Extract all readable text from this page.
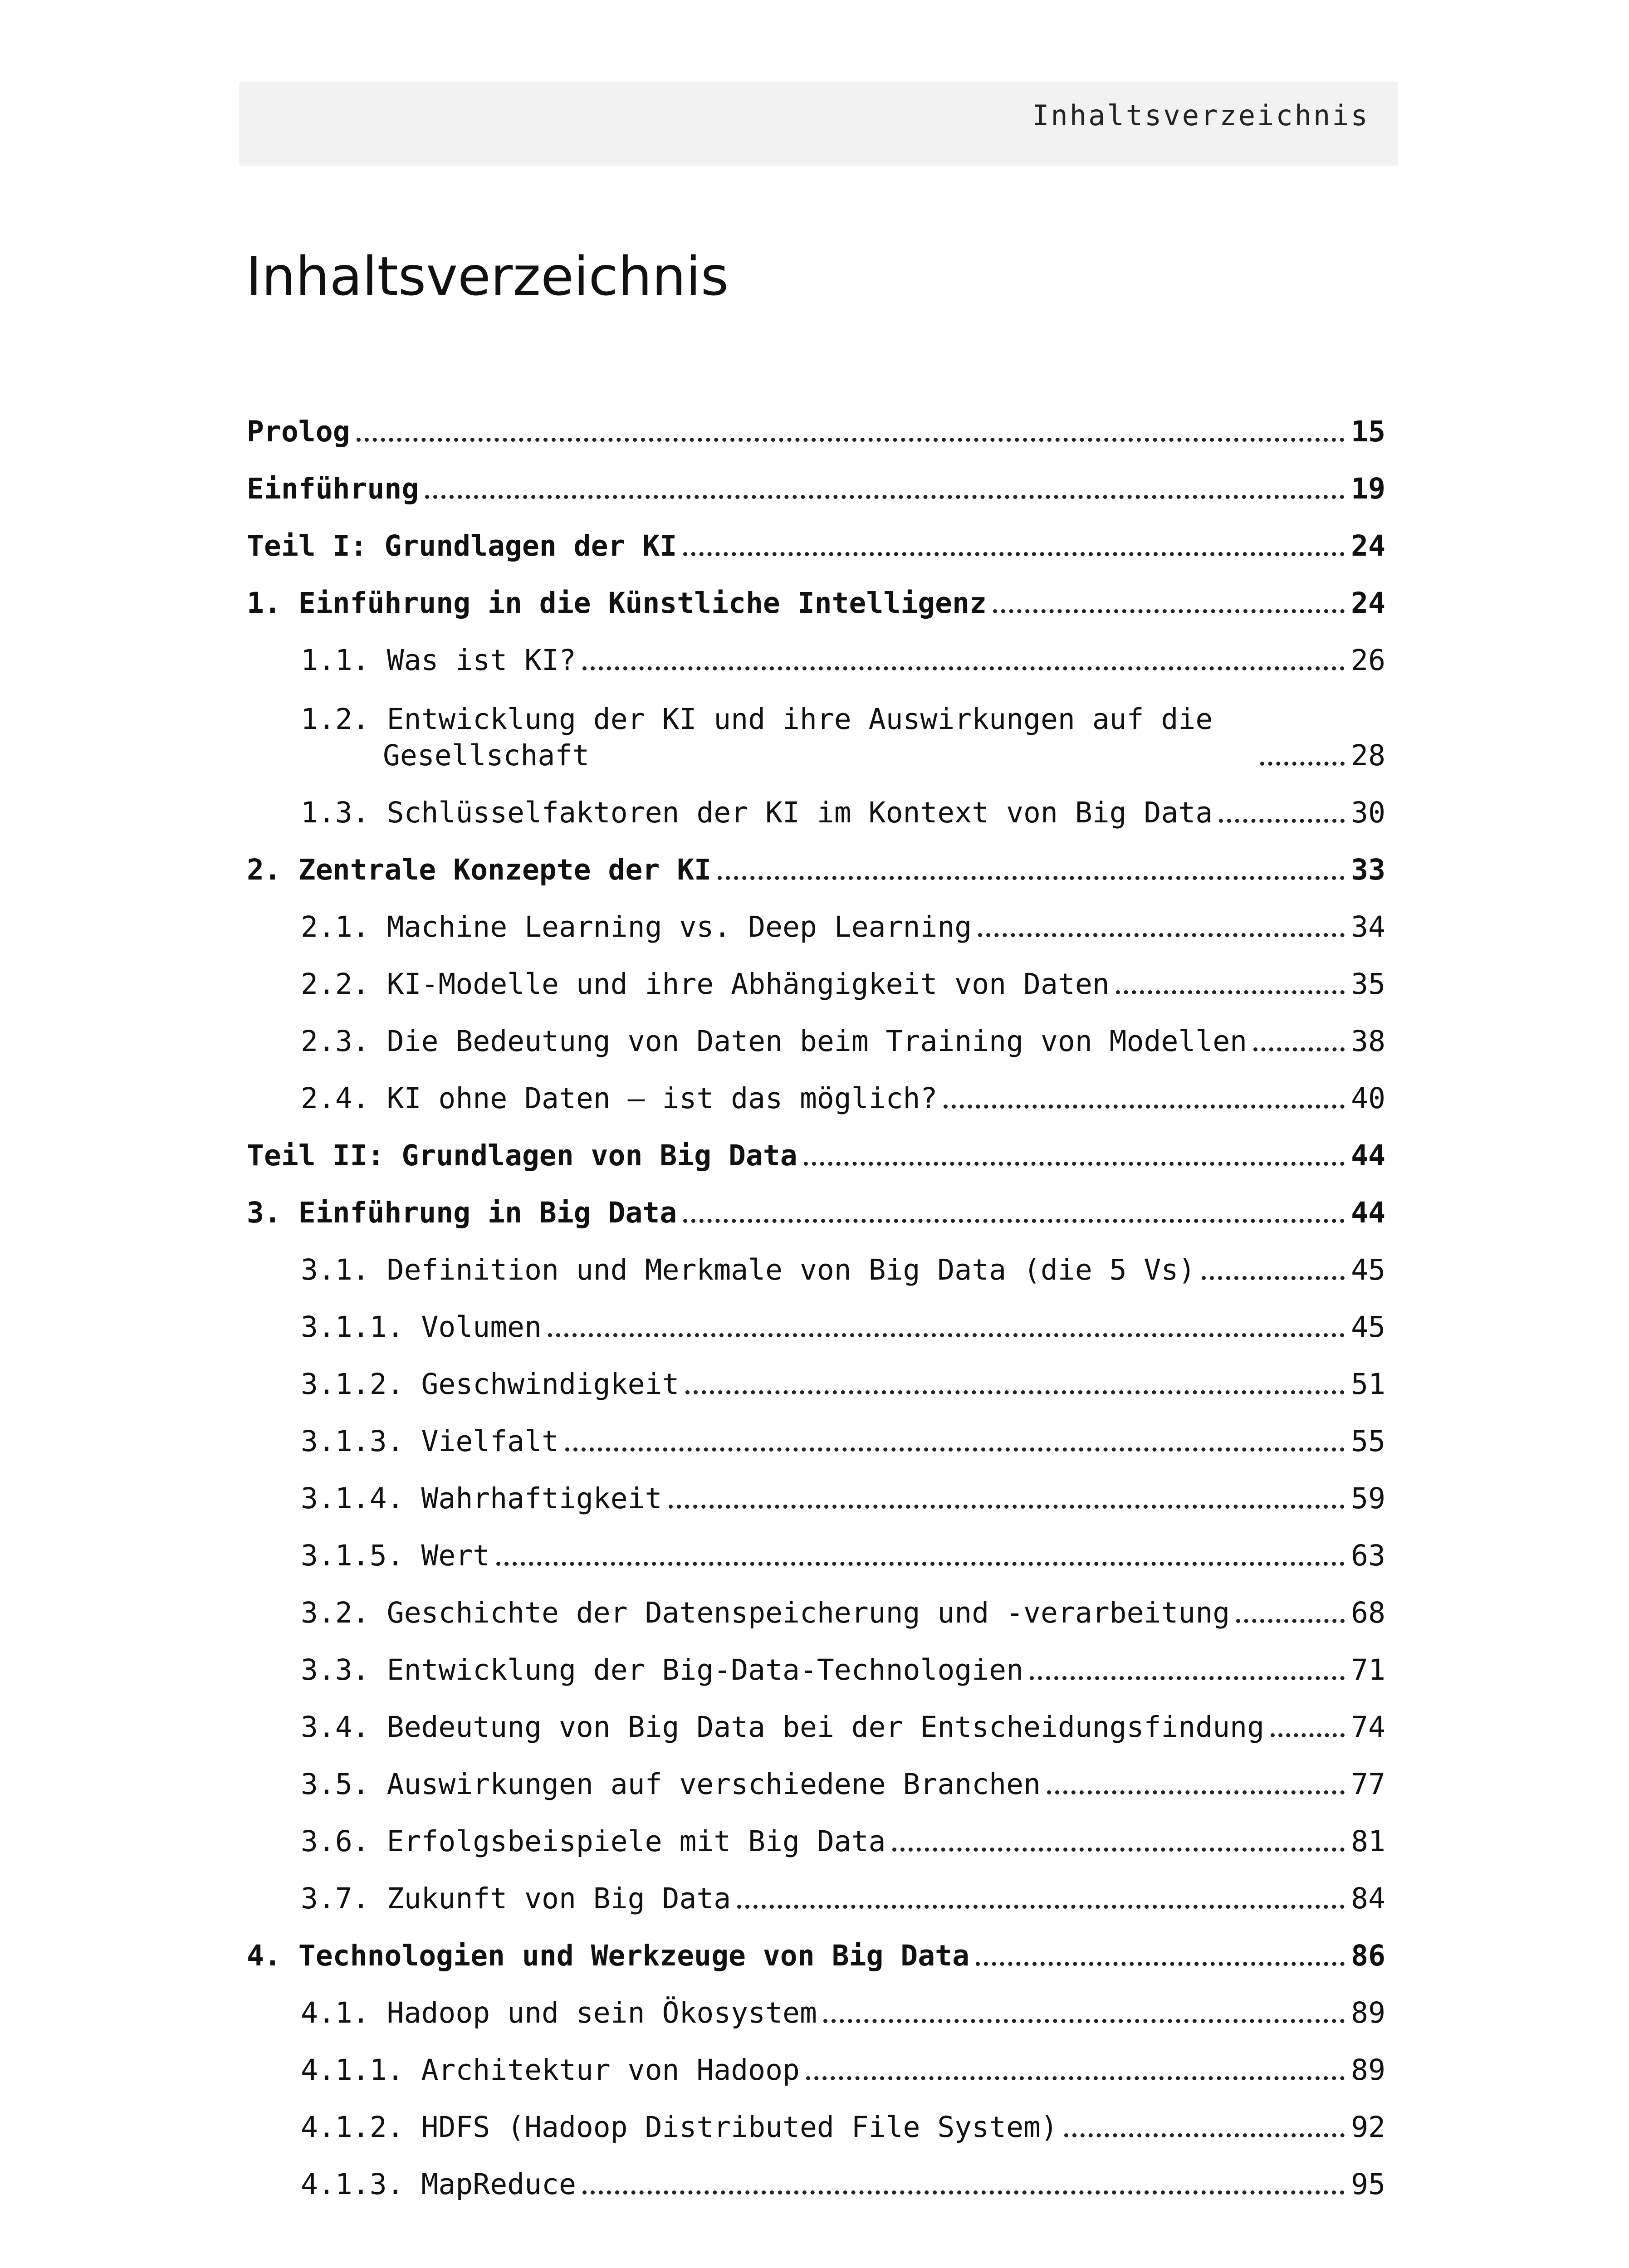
Inhaltsverzeichnis
Inhaltsverzeichnis
Prolog	15
Einführung	19
Teil I: Grundlagen der KI	24
1. Einführung in die Künstliche Intelligenz	24
1.1. Was ist KI?	26
1.2. Entwicklung der KI und ihre Auswirkungen auf die Gesellschaft	28
1.3. Schlüsselfaktoren der KI im Kontext von Big Data	30
2. Zentrale Konzepte der KI	33
2.1. Machine Learning vs. Deep Learning	34
2.2. KI-Modelle und ihre Abhängigkeit von Daten	35
2.3. Die Bedeutung von Daten beim Training von Modellen	38
2.4. KI ohne Daten – ist das möglich?	40
Teil II: Grundlagen von Big Data	44
3. Einführung in Big Data	44
3.1. Definition und Merkmale von Big Data (die 5 Vs)	45
3.1.1. Volumen	45
3.1.2. Geschwindigkeit	51
3.1.3. Vielfalt	55
3.1.4. Wahrhaftigkeit	59
3.1.5. Wert	63
3.2. Geschichte der Datenspeicherung und -verarbeitung	68
3.3. Entwicklung der Big-Data-Technologien	71
3.4. Bedeutung von Big Data bei der Entscheidungsfindung	74
3.5. Auswirkungen auf verschiedene Branchen	77
3.6. Erfolgsbeispiele mit Big Data	81
3.7. Zukunft von Big Data	84
4. Technologien und Werkzeuge von Big Data	86
4.1. Hadoop und sein Ökosystem	89
4.1.1. Architektur von Hadoop	89
4.1.2. HDFS (Hadoop Distributed File System)	92
4.1.3. MapReduce	95
